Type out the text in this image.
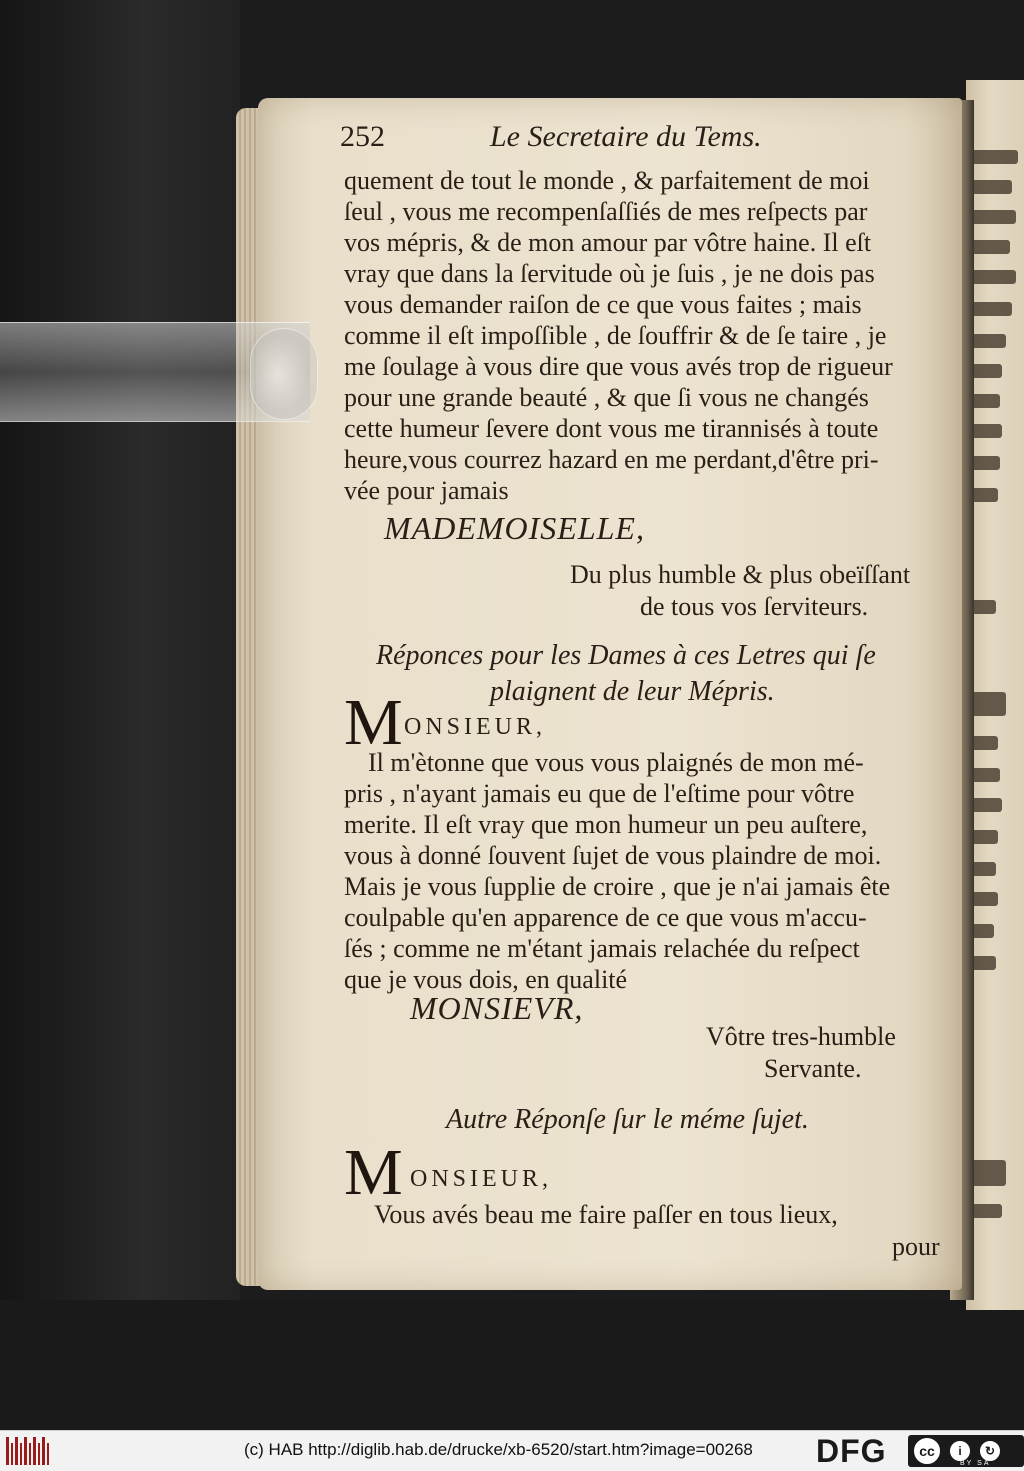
252	Le Secretaire du Tems.
quement de tout le monde , & parfaitement de moi
ſeul , vous me recompenſaſſiés de mes reſpects par
vos mépris, & de mon amour par vôtre haine. Il eſt
vray que dans la ſervitude où je ſuis , je ne dois pas
vous demander raiſon de ce que vous faites ; mais
comme il eſt impoſſible , de ſouffrir & de ſe taire , je
me ſoulage à vous dire que vous avés trop de rigueur
pour une grande beauté , & que ſi vous ne changés
cette humeur ſevere dont vous me tirannisés à toute
heure,vous courrez hazard en me perdant,d'être pri-
vée pour jamais
MADEMOISELLE,
Du plus humble & plus obeïſſant
de tous vos ſerviteurs.
Réponces pour les Dames à ces Letres qui ſe
plaignent de leur Mépris.
M ONSIEUR,
Il m'ètonne que vous vous plaignés de mon mé-
pris , n'ayant jamais eu que de l'eſtime pour vôtre
merite. Il eſt vray que mon humeur un peu auſtere,
vous à donné ſouvent ſujet de vous plaindre de moi.
Mais je vous ſupplie de croire , que je n'ai jamais ête
coulpable qu'en apparence de ce que vous m'accu-
ſés ; comme ne m'étant jamais relachée du reſpect
que je vous dois, en qualité
MONSIEVR,
Vôtre tres-humble
Servante.
Autre Réponſe ſur le méme ſujet.
M ONSIEUR,
Vous avés beau me faire paſſer en tous lieux,
pour
(c) HAB http://diglib.hab.de/drucke/xb-6520/start.htm?image=00268 DFG	cc	i	↻
BY SA
